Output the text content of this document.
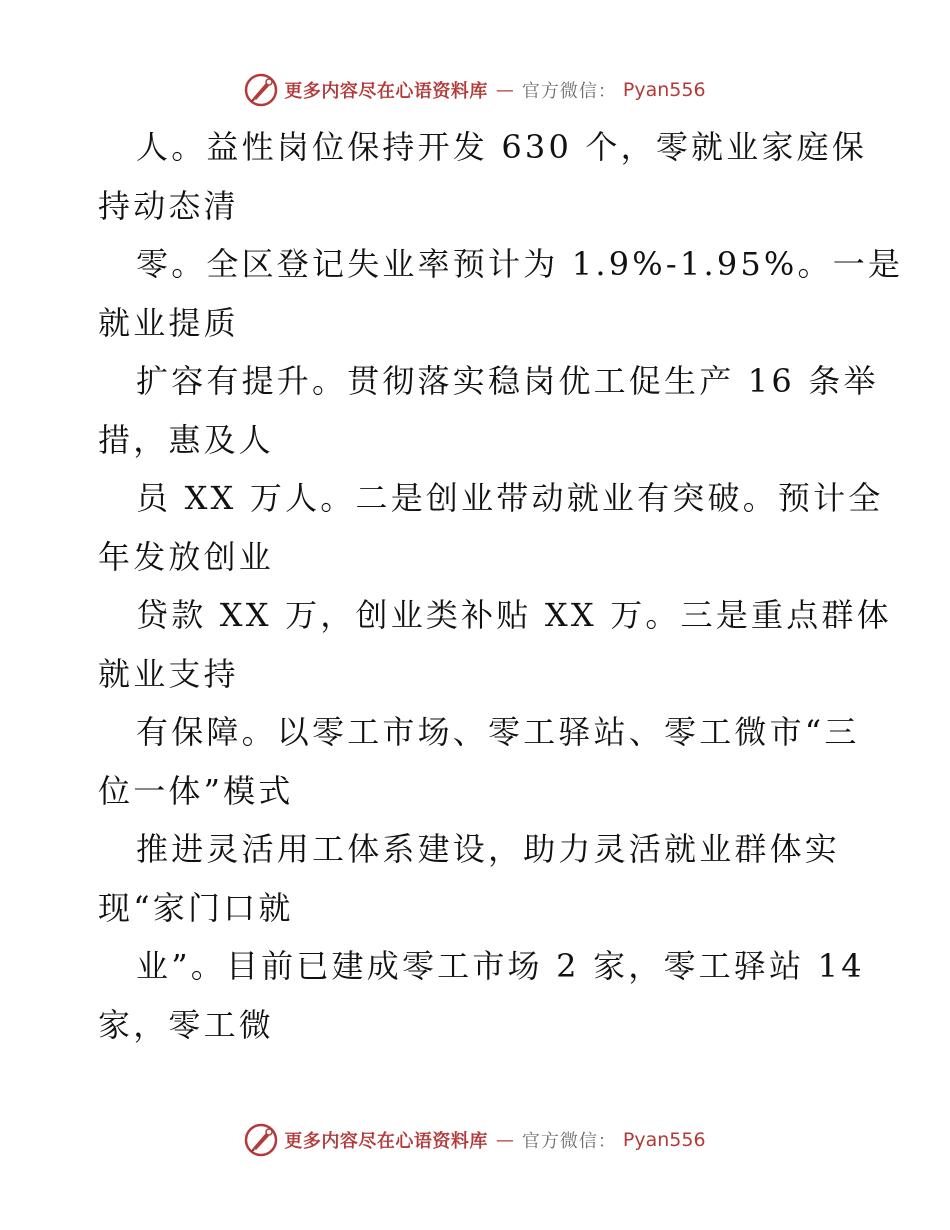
更多内容尽在心语资料库 — 官方微信： Pyan556
人。益性岗位保持开发 630 个，零就业家庭保
持动态清
零。全区登记失业率预计为 1.9%-1.95%。一是
就业提质
扩容有提升。贯彻落实稳岗优工促生产 16 条举
措，惠及人
员 XX 万人。二是创业带动就业有突破。预计全
年发放创业
贷款 XX 万，创业类补贴 XX 万。三是重点群体
就业支持
有保障。以零工市场、零工驿站、零工微市“三
位一体”模式
推进灵活用工体系建设，助力灵活就业群体实
现“家门口就
业”。目前已建成零工市场 2 家，零工驿站 14
家，零工微
更多内容尽在心语资料库 — 官方微信： Pyan556
